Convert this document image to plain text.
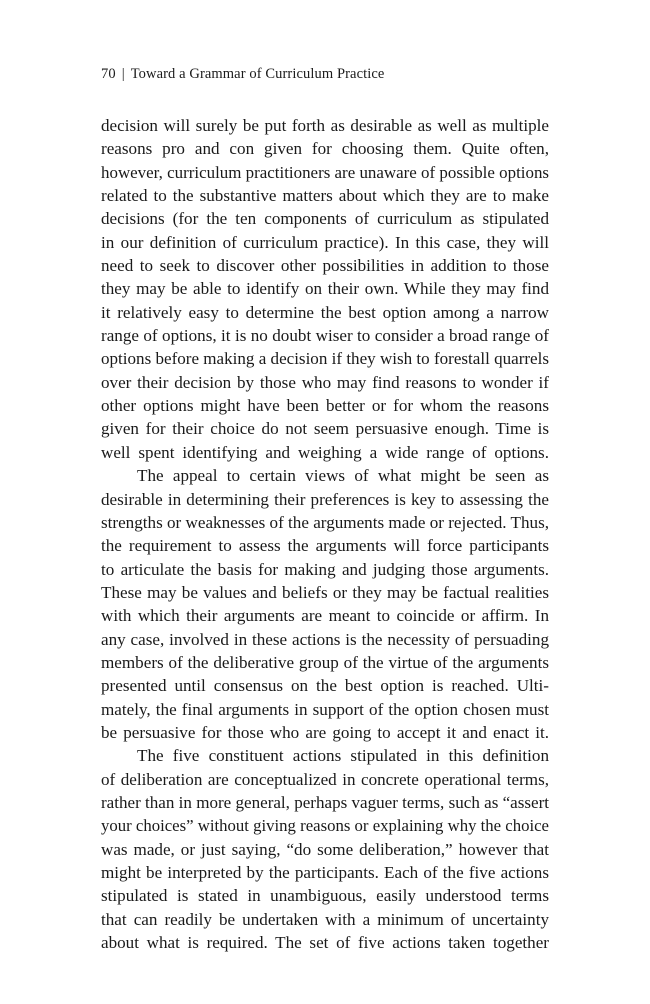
70 | Toward a Grammar of Curriculum Practice
decision will surely be put forth as desirable as well as multiple
reasons pro and con given for choosing them. Quite often,
however, curriculum practitioners are unaware of possible options
related to the substantive matters about which they are to make
decisions (for the ten components of curriculum as stipulated
in our definition of curriculum practice). In this case, they will
need to seek to discover other possibilities in addition to those
they may be able to identify on their own. While they may find
it relatively easy to determine the best option among a narrow
range of options, it is no doubt wiser to consider a broad range of
options before making a decision if they wish to forestall quarrels
over their decision by those who may find reasons to wonder if
other options might have been better or for whom the reasons
given for their choice do not seem persuasive enough. Time is
well spent identifying and weighing a wide range of options.
The appeal to certain views of what might be seen as
desirable in determining their preferences is key to assessing the
strengths or weaknesses of the arguments made or rejected. Thus,
the requirement to assess the arguments will force participants
to articulate the basis for making and judging those arguments.
These may be values and beliefs or they may be factual realities
with which their arguments are meant to coincide or affirm. In
any case, involved in these actions is the necessity of persuading
members of the deliberative group of the virtue of the arguments
presented until consensus on the best option is reached. Ulti-
mately, the final arguments in support of the option chosen must
be persuasive for those who are going to accept it and enact it.
The five constituent actions stipulated in this definition
of deliberation are conceptualized in concrete operational terms,
rather than in more general, perhaps vaguer terms, such as “assert
your choices” without giving reasons or explaining why the choice
was made, or just saying, “do some deliberation,” however that
might be interpreted by the participants. Each of the five actions
stipulated is stated in unambiguous, easily understood terms
that can readily be undertaken with a minimum of uncertainty
about what is required. The set of five actions taken together
